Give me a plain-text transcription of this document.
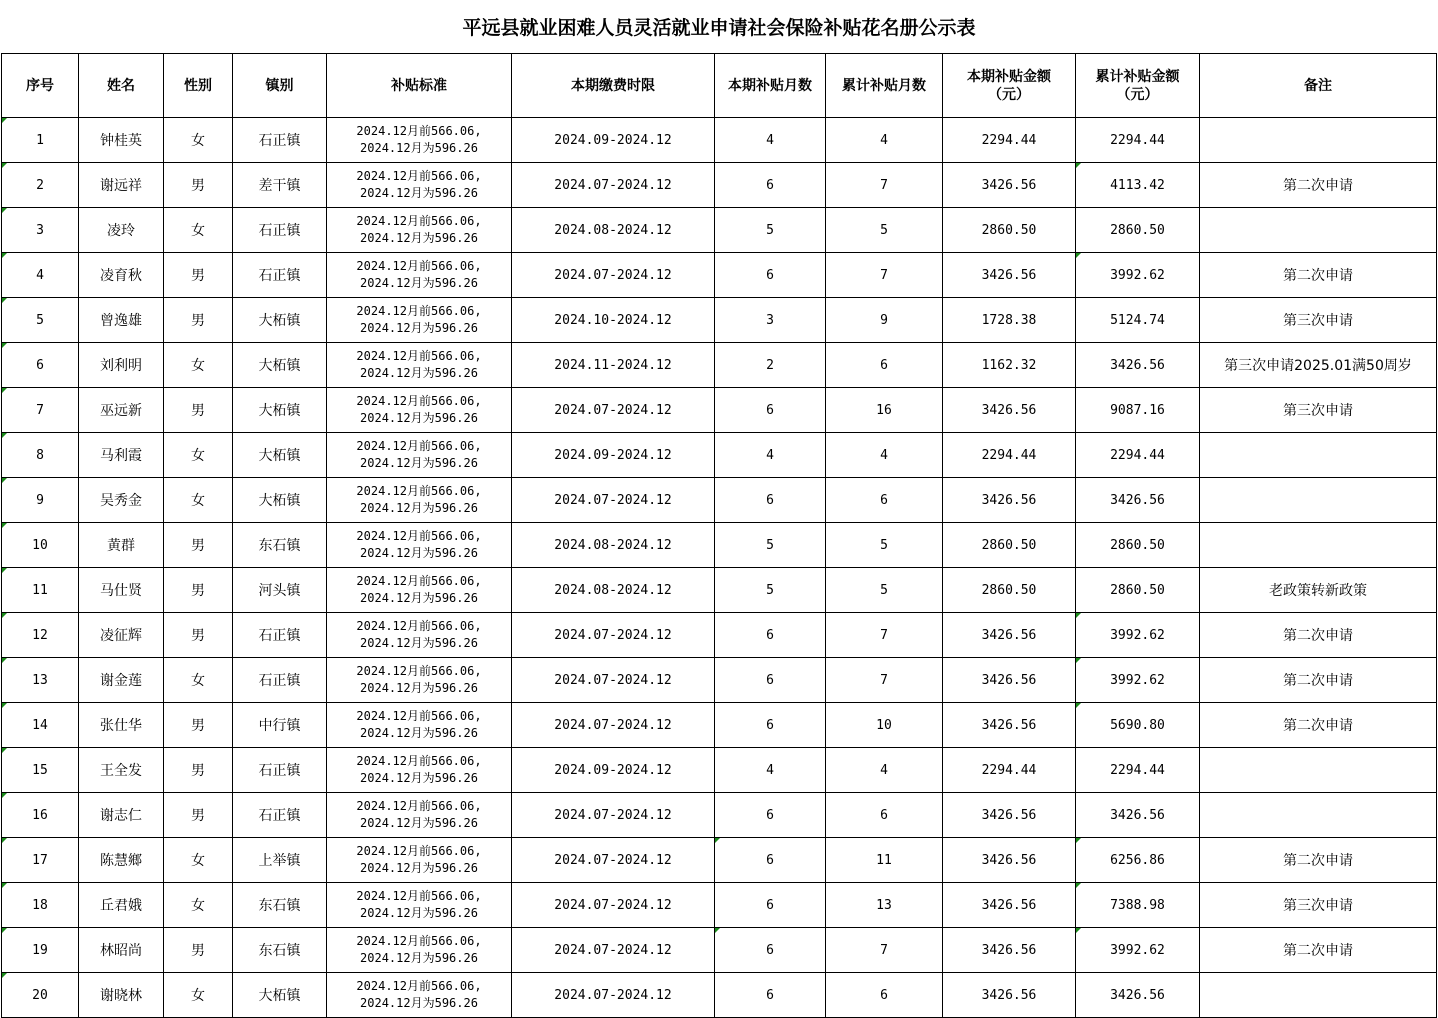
平远县就业困难人员灵活就业申请社会保险补贴花名册公示表
序号	姓名	性别	镇别	补贴标准	本期缴费时限	本期补贴月数	累计补贴月数	本期补贴金额
（元）	累计补贴金额
（元）	备注
1	钟桂英	女	石正镇	2024.12月前566.06,
2024.12月为596.26	2024.09-2024.12	4	4	2294.44	2294.44	
2	谢远祥	男	差干镇	2024.12月前566.06,
2024.12月为596.26	2024.07-2024.12	6	7	3426.56	4113.42	第二次申请
3	凌玲	女	石正镇	2024.12月前566.06,
2024.12月为596.26	2024.08-2024.12	5	5	2860.50	2860.50	
4	凌育秋	男	石正镇	2024.12月前566.06,
2024.12月为596.26	2024.07-2024.12	6	7	3426.56	3992.62	第二次申请
5	曾逸雄	男	大柘镇	2024.12月前566.06,
2024.12月为596.26	2024.10-2024.12	3	9	1728.38	5124.74	第三次申请
6	刘利明	女	大柘镇	2024.12月前566.06,
2024.12月为596.26	2024.11-2024.12	2	6	1162.32	3426.56	第三次申请2025.01满50周岁
7	巫远新	男	大柘镇	2024.12月前566.06,
2024.12月为596.26	2024.07-2024.12	6	16	3426.56	9087.16	第三次申请
8	马利霞	女	大柘镇	2024.12月前566.06,
2024.12月为596.26	2024.09-2024.12	4	4	2294.44	2294.44	
9	吴秀金	女	大柘镇	2024.12月前566.06,
2024.12月为596.26	2024.07-2024.12	6	6	3426.56	3426.56	
10	黄群	男	东石镇	2024.12月前566.06,
2024.12月为596.26	2024.08-2024.12	5	5	2860.50	2860.50	
11	马仕贤	男	河头镇	2024.12月前566.06,
2024.12月为596.26	2024.08-2024.12	5	5	2860.50	2860.50	老政策转新政策
12	凌征辉	男	石正镇	2024.12月前566.06,
2024.12月为596.26	2024.07-2024.12	6	7	3426.56	3992.62	第二次申请
13	谢金莲	女	石正镇	2024.12月前566.06,
2024.12月为596.26	2024.07-2024.12	6	7	3426.56	3992.62	第二次申请
14	张仕华	男	中行镇	2024.12月前566.06,
2024.12月为596.26	2024.07-2024.12	6	10	3426.56	5690.80	第二次申请
15	王全发	男	石正镇	2024.12月前566.06,
2024.12月为596.26	2024.09-2024.12	4	4	2294.44	2294.44	
16	谢志仁	男	石正镇	2024.12月前566.06,
2024.12月为596.26	2024.07-2024.12	6	6	3426.56	3426.56	
17	陈慧鄉	女	上举镇	2024.12月前566.06,
2024.12月为596.26	2024.07-2024.12	6	11	3426.56	6256.86	第二次申请
18	丘君娥	女	东石镇	2024.12月前566.06,
2024.12月为596.26	2024.07-2024.12	6	13	3426.56	7388.98	第三次申请
19	林昭尚	男	东石镇	2024.12月前566.06,
2024.12月为596.26	2024.07-2024.12	6	7	3426.56	3992.62	第二次申请
20	谢晓林	女	大柘镇	2024.12月前566.06,
2024.12月为596.26	2024.07-2024.12	6	6	3426.56	3426.56	
